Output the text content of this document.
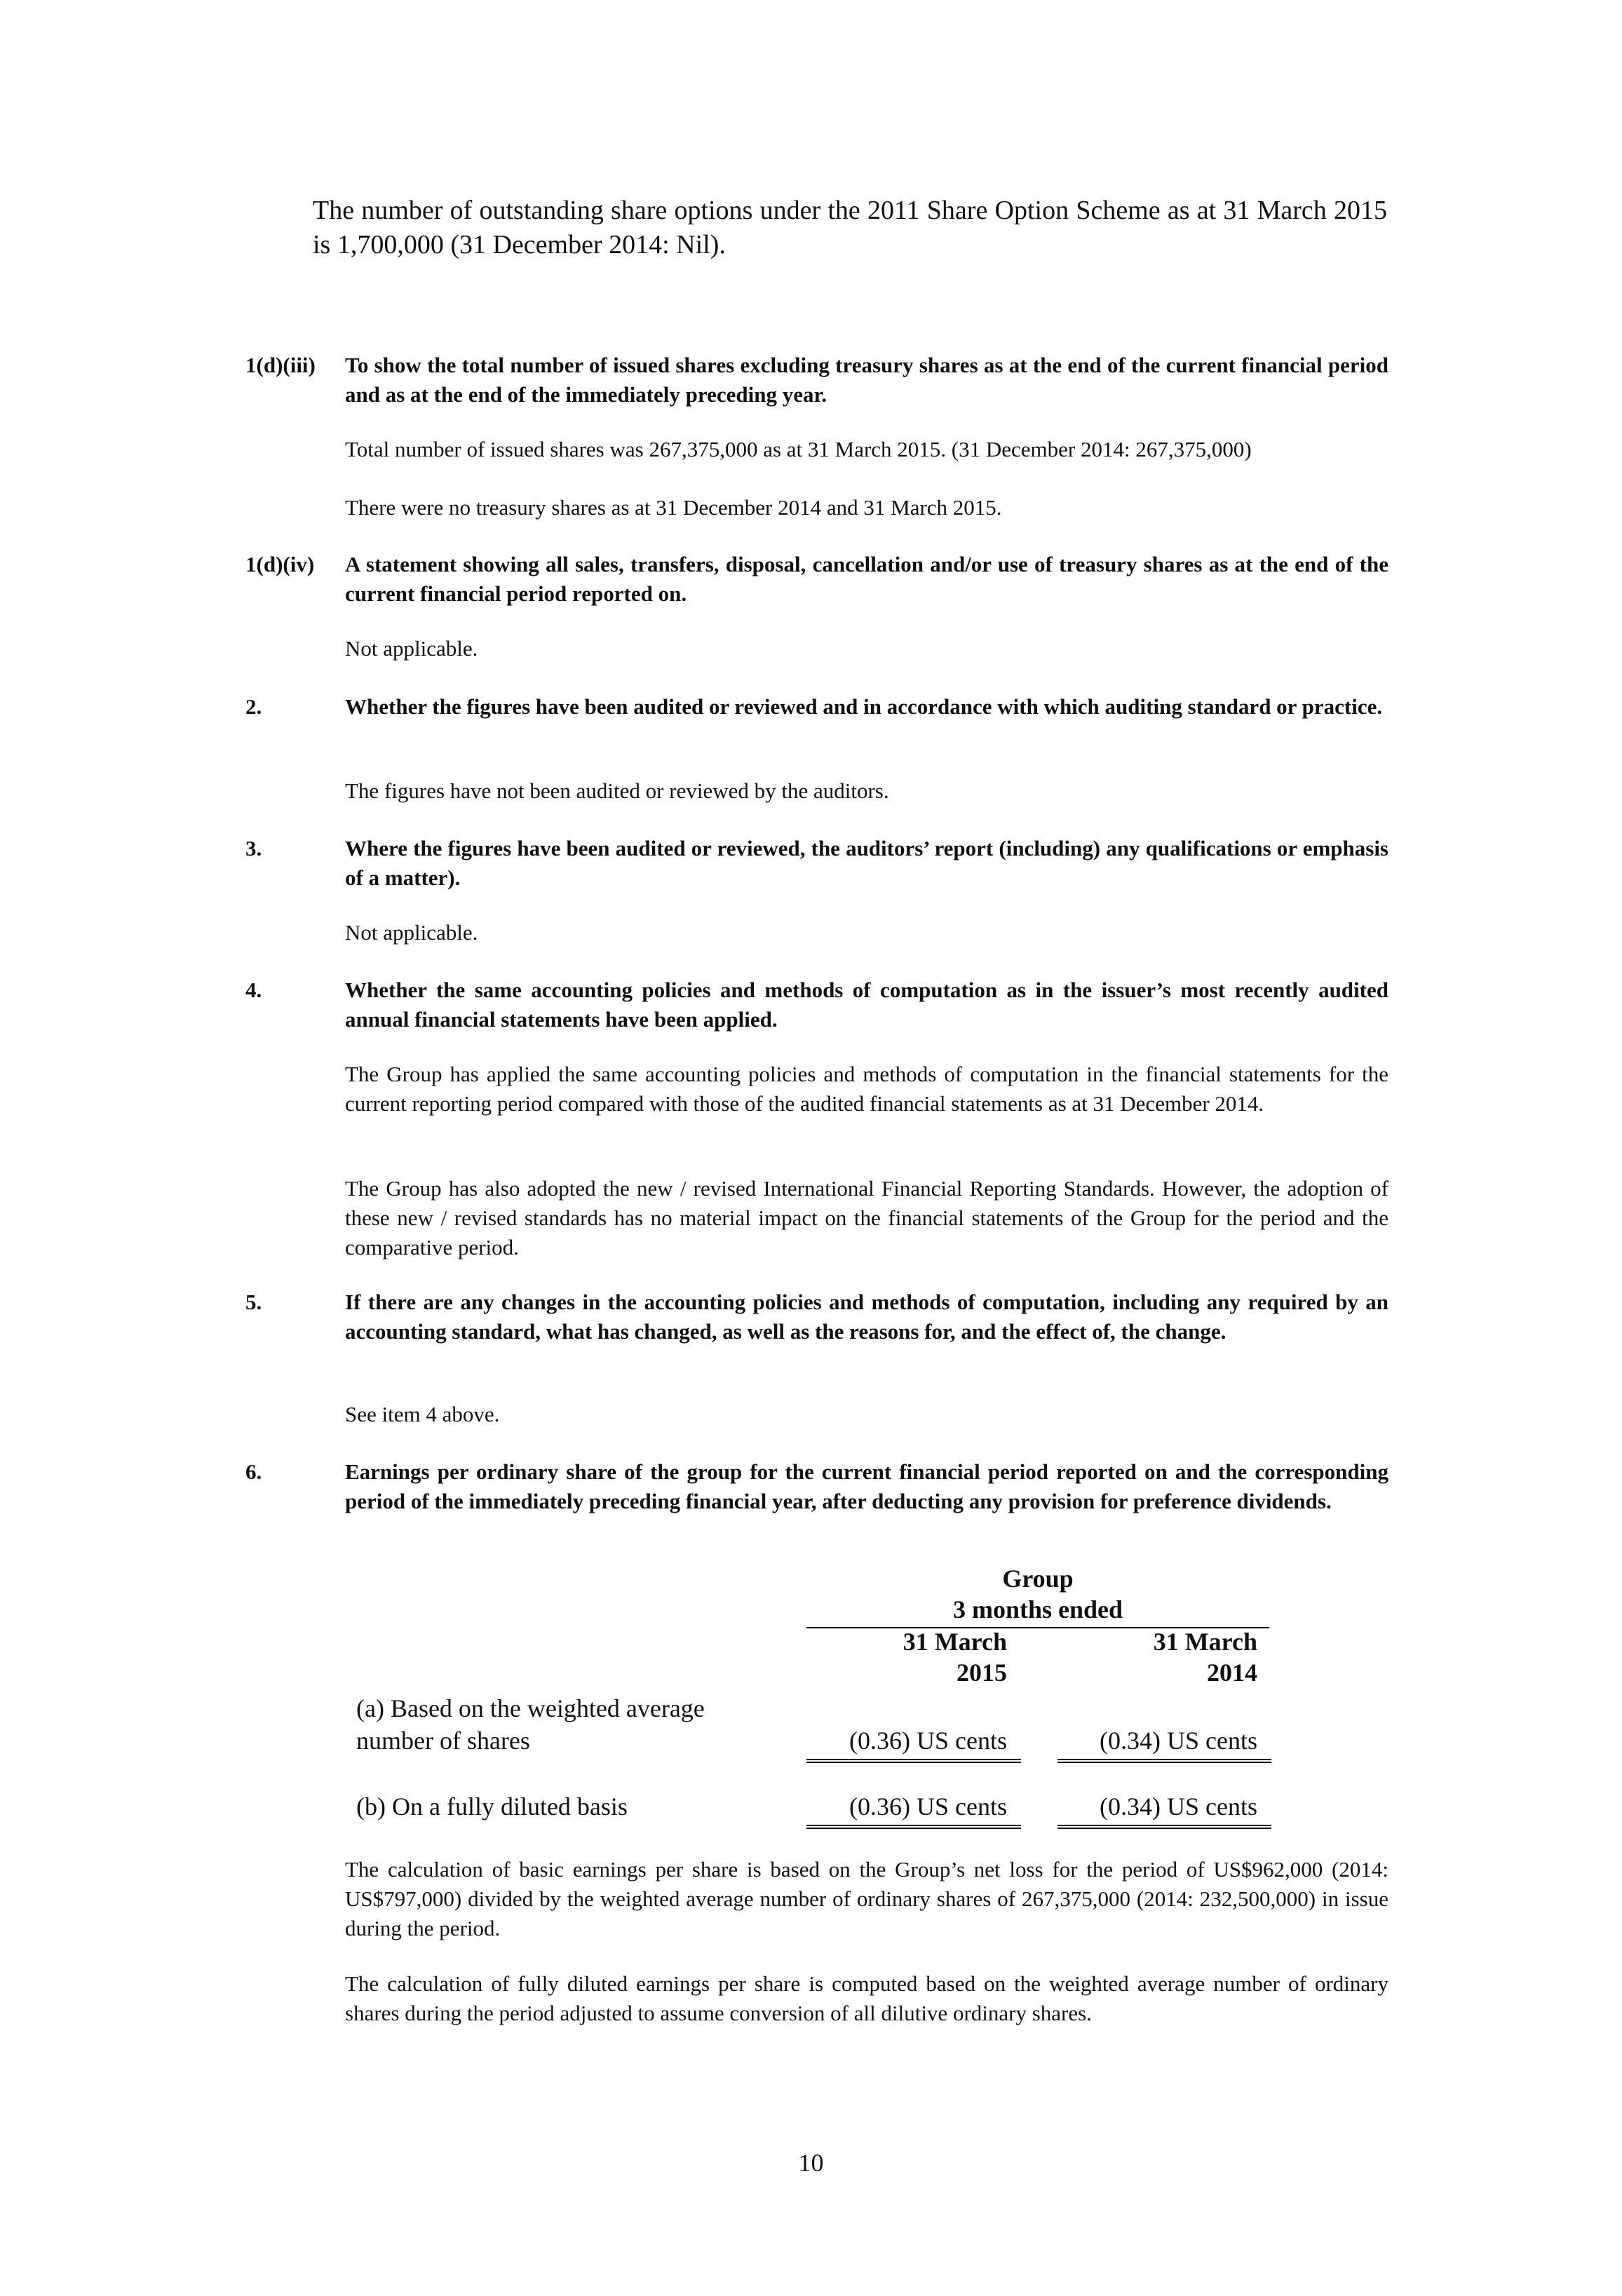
The number of outstanding share options under the 2011 Share Option Scheme as at 31 March 2015 is 1,700,000 (31 December 2014: Nil).
1(d)(iii) To show the total number of issued shares excluding treasury shares as at the end of the current financial period and as at the end of the immediately preceding year.
Total number of issued shares was 267,375,000 as at 31 March 2015. (31 December 2014: 267,375,000)
There were no treasury shares as at 31 December 2014 and 31 March 2015.
1(d)(iv) A statement showing all sales, transfers, disposal, cancellation and/or use of treasury shares as at the end of the current financial period reported on.
Not applicable.
2.	Whether the figures have been audited or reviewed and in accordance with which auditing standard or practice.
The figures have not been audited or reviewed by the auditors.
3.	Where the figures have been audited or reviewed, the auditors’ report (including) any qualifications or emphasis of a matter).
Not applicable.
4.	Whether the same accounting policies and methods of computation as in the issuer’s most recently audited annual financial statements have been applied.
The Group has applied the same accounting policies and methods of computation in the financial statements for the current reporting period compared with those of the audited financial statements as at 31 December 2014.
The Group has also adopted the new / revised International Financial Reporting Standards. However, the adoption of these new / revised standards has no material impact on the financial statements of the Group for the period and the comparative period.
5.	If there are any changes in the accounting policies and methods of computation, including any required by an accounting standard, what has changed, as well as the reasons for, and the effect of, the change.
See item 4 above.
6.	Earnings per ordinary share of the group for the current financial period reported on and the corresponding period of the immediately preceding financial year, after deducting any provision for preference dividends.
Group
3 months ended
31 March
2015
31 March
2014
(a) Based on the weighted average
number of shares	(0.36) US cents	(0.34) US cents
(b) On a fully diluted basis	(0.36) US cents	(0.34) US cents
The calculation of basic earnings per share is based on the Group’s net loss for the period of US$962,000 (2014: US$797,000) divided by the weighted average number of ordinary shares of 267,375,000 (2014: 232,500,000) in issue during the period.
The calculation of fully diluted earnings per share is computed based on the weighted average number of ordinary shares during the period adjusted to assume conversion of all dilutive ordinary shares.
10
